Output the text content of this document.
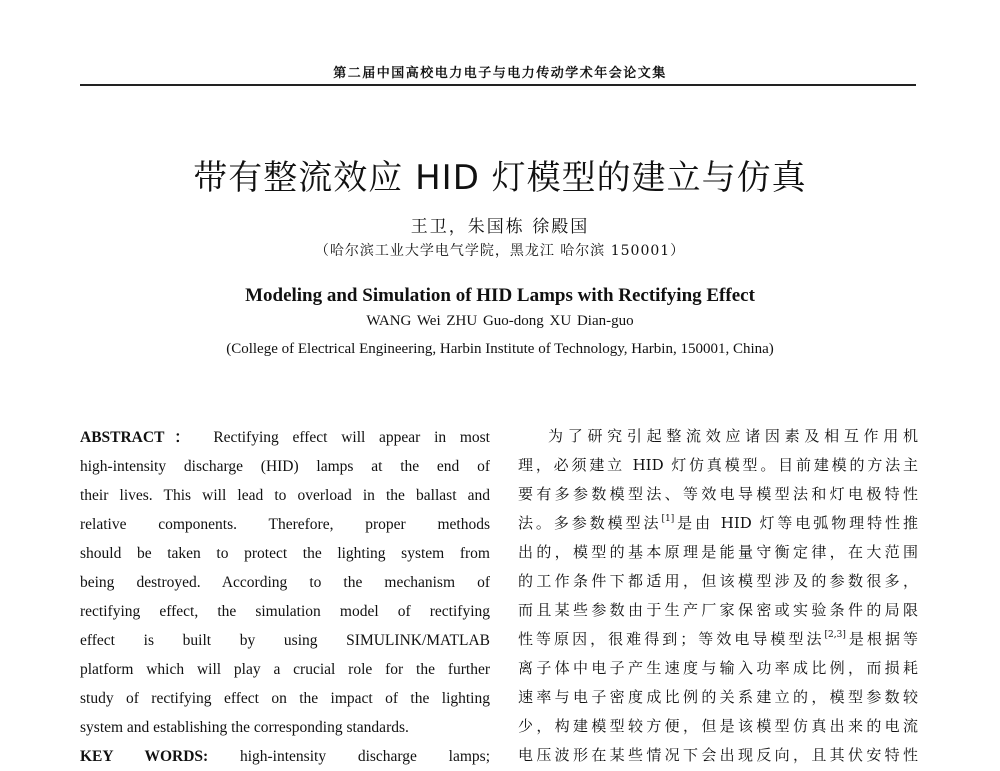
第二届中国高校电力电子与电力传动学术年会论文集
带有整流效应 HID 灯模型的建立与仿真
王卫，朱国栋 徐殿国
（哈尔滨工业大学电气学院，黑龙江 哈尔滨 150001）
Modeling and Simulation of HID Lamps with Rectifying Effect
WANG Wei ZHU Guo-dong XU Dian-guo
(College of Electrical Engineering, Harbin Institute of Technology, Harbin, 150001, China)
ABSTRACT： Rectifying effect will appear in most
high-intensity discharge (HID) lamps at the end of
their lives. This will lead to overload in the ballast and
relative components. Therefore, proper methods
should be taken to protect the lighting system from
being destroyed. According to the mechanism of
rectifying effect, the simulation model of rectifying
effect is built by using SIMULINK/MATLAB
platform which will play a crucial role for the further
study of rectifying effect on the impact of the lighting
system and establishing the corresponding standards.
KEY WORDS: high-intensity discharge lamps;
为了研究引起整流效应诸因素及相互作用机
理，必须建立 HID 灯仿真模型。目前建模的方法主
要有多参数模型法、等效电导模型法和灯电极特性
法。多参数模型法[1]是由 HID 灯等电弧物理特性推
出的，模型的基本原理是能量守衡定律，在大范围
的工作条件下都适用，但该模型涉及的参数很多，
而且某些参数由于生产厂家保密或实验条件的局限
性等原因，很难得到；等效电导模型法[2,3]是根据等
离子体中电子产生速度与输入功率成比例，而损耗
速率与电子密度成比例的关系建立的，模型参数较
少，构建模型较方便，但是该模型仿真出来的电流
电压波形在某些情况下会出现反向，且其伏安特性
